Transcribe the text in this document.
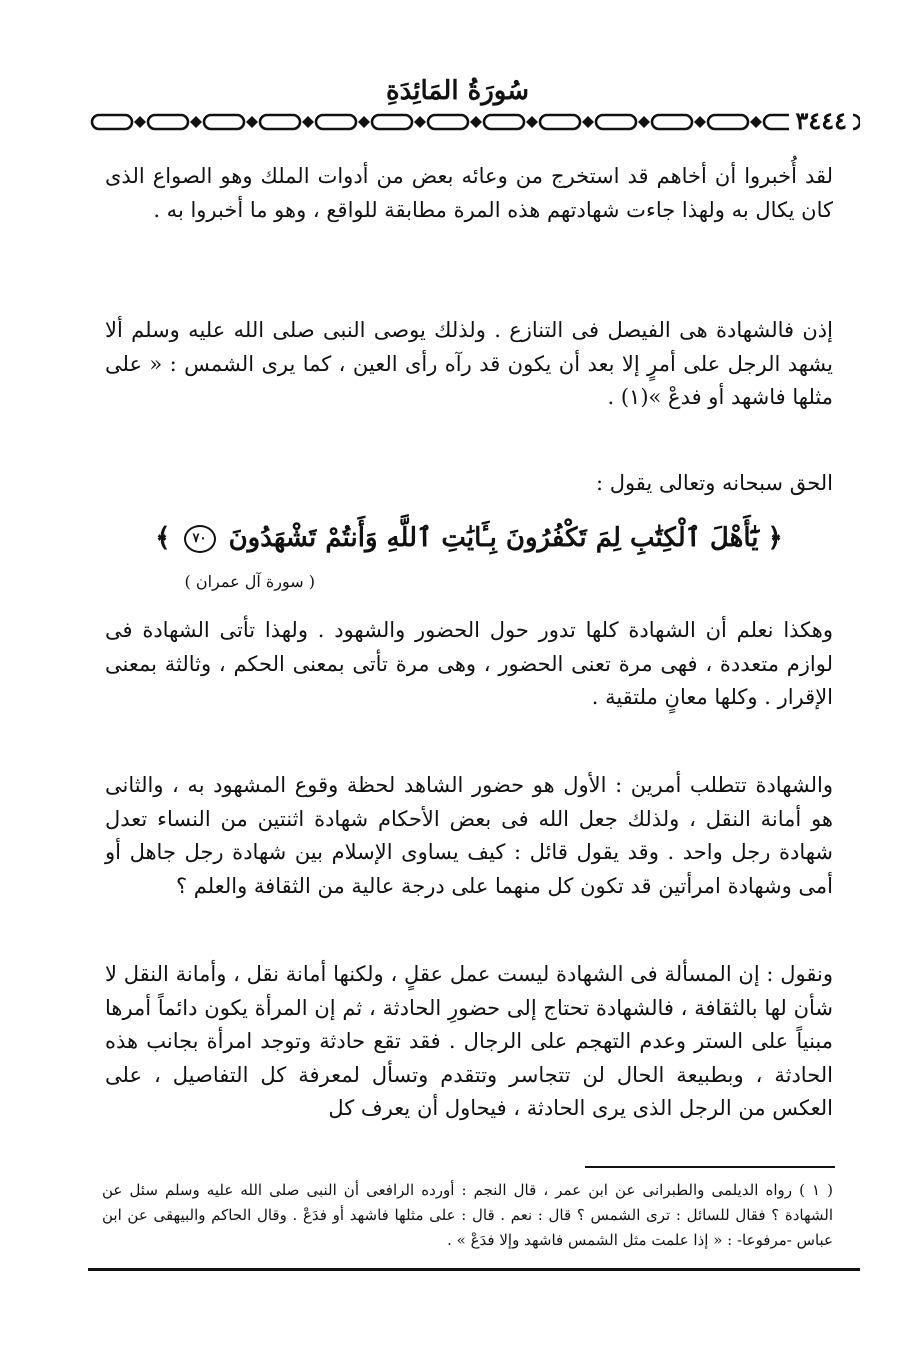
سُورَةُ المَائِدَةِ
٣٤٤٤

لقد أُخبروا أن أخاهم قد استخرج من وعائه بعض من أدوات الملك وهو الصواع الذى كان يكال به ولهذا جاءت شهادتهم هذه المرة مطابقة للواقع ، وهو ما أخبروا به .

إذن فالشهادة هى الفيصل فى التنازع . ولذلك يوصى النبى صلى الله عليه وسلم ألا يشهد الرجل على أمرٍ إلا بعد أن يكون قد رآه رأى العين ، كما يرى الشمس : « على مثلها فاشهد أو فدعْ »(١) .

الحق سبحانه وتعالى يقول :

﴿ يَٰٓأَهْلَ ٱلْكِتَٰبِ لِمَ تَكْفُرُونَ بِـَٔايَٰتِ ٱللَّهِ وَأَنتُمْ تَشْهَدُونَ ٧٠ ﴾
( سورة آل عمران )

وهكذا نعلم أن الشهادة كلها تدور حول الحضور والشهود . ولهذا تأتى الشهادة فى لوازم متعددة ، فهى مرة تعنى الحضور ، وهى مرة تأتى بمعنى الحكم ، وثالثة بمعنى الإقرار . وكلها معانٍ ملتقية .

والشهادة تتطلب أمرين : الأول هو حضور الشاهد لحظة وقوع المشهود به ، والثانى هو أمانة النقل ، ولذلك جعل الله فى بعض الأحكام شهادة اثنتين من النساء تعدل شهادة رجل واحد . وقد يقول قائل : كيف يساوى الإسلام بين شهادة رجل جاهل أو أمى وشهادة امرأتين قد تكون كل منهما على درجة عالية من الثقافة والعلم ؟

ونقول : إن المسألة فى الشهادة ليست عمل عقلٍ ، ولكنها أمانة نقل ، وأمانة النقل لا شأن لها بالثقافة ، فالشهادة تحتاج إلى حضورِ الحادثة ، ثم إن المرأة يكون دائماً أمرها مبنياً على الستر وعدم التهجم على الرجال . فقد تقع حادثة وتوجد امرأة بجانب هذه الحادثة ، وبطبيعة الحال لن تتجاسر وتتقدم وتسأل لمعرفة كل التفاصيل ، على العكس من الرجل الذى يرى الحادثة ، فيحاول أن يعرف كل

( ١ ) رواه الديلمى والطبرانى عن ابن عمر ، قال النجم : أورده الرافعى أن النبى صلى الله عليه وسلم سئل عن الشهادة ؟ فقال للسائل : ترى الشمس ؟ قال : نعم . قال : على مثلها فاشهد أو فدَعْ . وقال الحاكم والبيهقى عن ابن عباس -مرفوعا- : « إذا علمت مثل الشمس فاشهد وإلا فدَعْ » .
